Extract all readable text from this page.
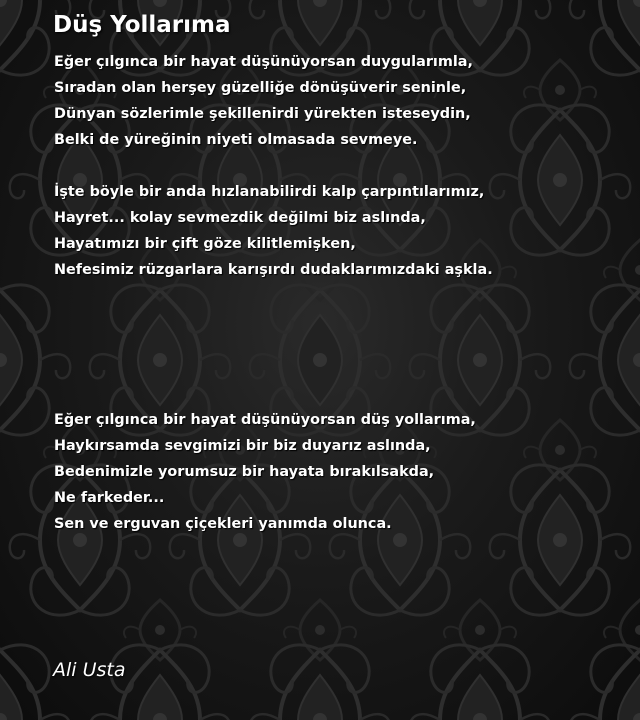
Düş Yollarıma
Eğer çılgınca bir hayat düşünüyorsan duygularımla,
Sıradan olan herşey güzelliğe dönüşüverir seninle,
Dünyan sözlerimle şekillenirdi yürekten isteseydin,
Belki de yüreğinin niyeti olmasada sevmeye.
İşte böyle bir anda hızlanabilirdi kalp çarpıntılarımız,
Hayret... kolay sevmezdik değilmi biz aslında,
Hayatımızı bir çift göze kilitlemişken,
Nefesimiz rüzgarlara karışırdı dudaklarımızdaki aşkla.
Eğer çılgınca bir hayat düşünüyorsan düş yollarıma,
Haykırsamda sevgimizi bir biz duyarız aslında,
Bedenimizle yorumsuz bir hayata bırakılsakda,
Ne farkeder...
Sen ve erguvan çiçekleri yanımda olunca.

Ali Usta
